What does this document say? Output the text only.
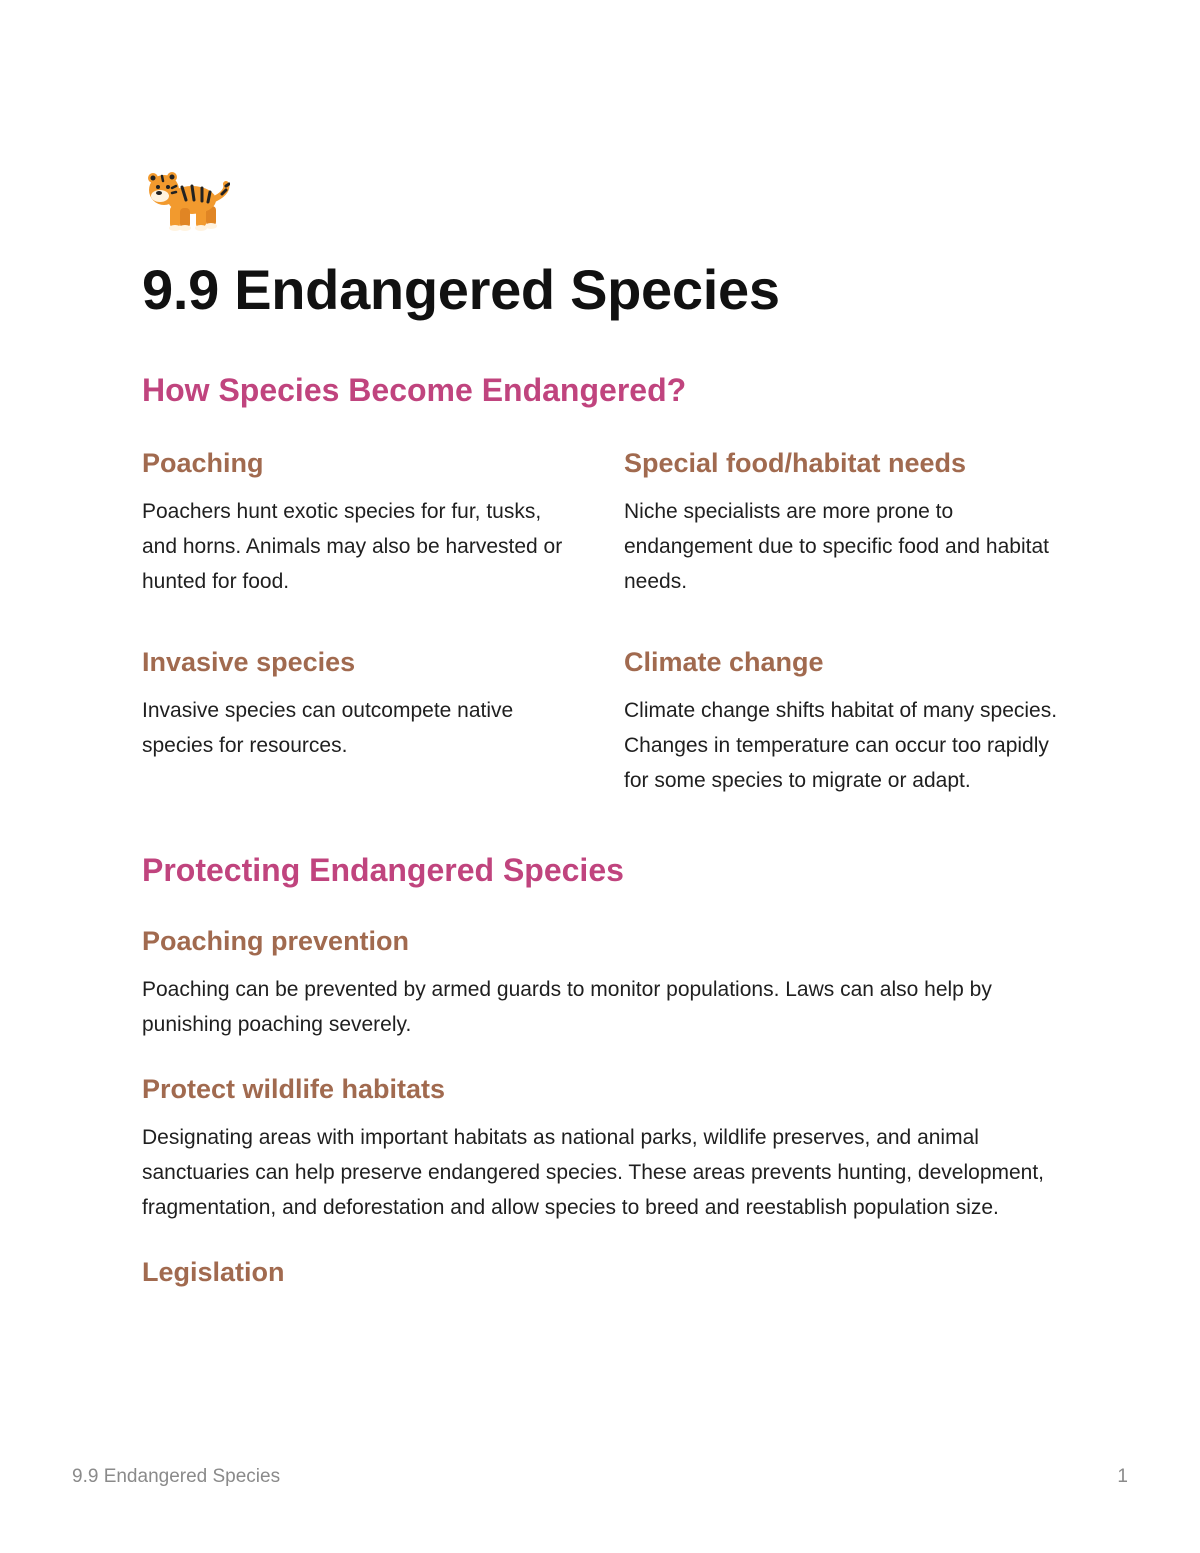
9.9 Endangered Species
How Species Become Endangered?
Poaching

Poachers hunt exotic species for fur, tusks, and horns. Animals may also be harvested or hunted for food.

Special food/habitat needs

Niche specialists are more prone to endangement due to specific food and habitat needs.

Invasive species

Invasive species can outcompete native species for resources.

Climate change

Climate change shifts habitat of many species. Changes in temperature can occur too rapidly for some species to migrate or adapt.

Protecting Endangered Species
Poaching prevention

Poaching can be prevented by armed guards to monitor populations. Laws can also help by punishing poaching severely.

Protect wildlife habitats

Designating areas with important habitats as national parks, wildlife preserves, and animal sanctuaries can help preserve endangered species. These areas prevents hunting, development, fragmentation, and deforestation and allow species to breed and reestablish population size.

Legislation
9.9 Endangered Species	1
